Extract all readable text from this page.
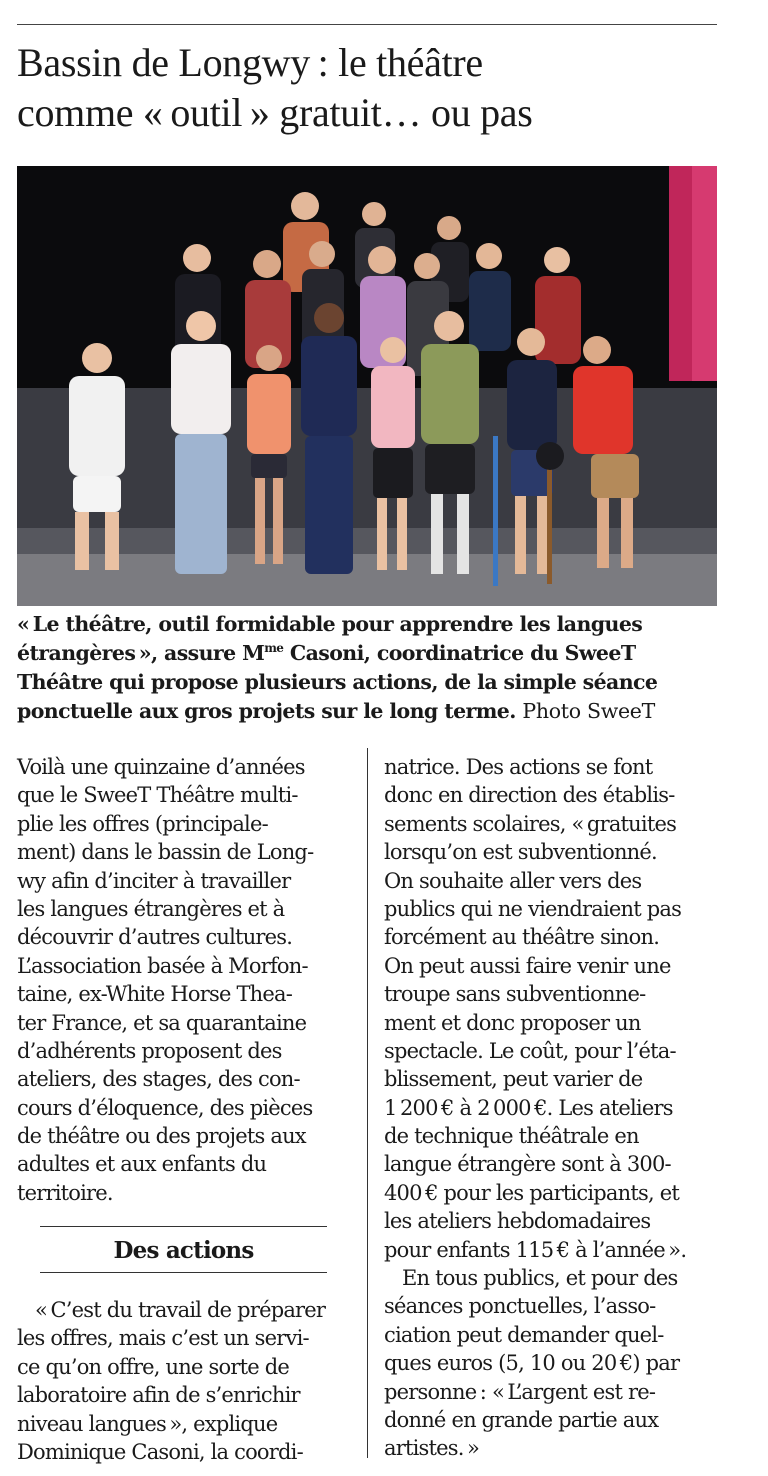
Bassin de Longwy : le théâtre
comme « outil » gratuit… ou pas

« Le théâtre, outil formidable pour apprendre les langues
étrangères », assure $M^{me}$ Casoni, coordinatrice du SweeT
Théâtre qui propose plusieurs actions, de la simple séance
ponctuelle aux gros projets sur le long terme. Photo SweeT

Voilà une quinzaine d’années
que le SweeT Théâtre multi-
plie les offres (principale-
ment) dans le bassin de Long-
wy afin d’inciter à travailler
les langues étrangères et à
découvrir d’autres cultures.
L’association basée à Morfon-
taine, ex-White Horse Thea-
ter France, et sa quarantaine
d’adhérents proposent des
ateliers, des stages, des con-
cours d’éloquence, des pièces
de théâtre ou des projets aux
adultes et aux enfants du
territoire.
Des actions
« C’est du travail de préparer
les offres, mais c’est un servi-
ce qu’on offre, une sorte de
laboratoire afin de s’enrichir
niveau langues », explique
Dominique Casoni, la coordi-
natrice. Des actions se font
donc en direction des établis-
sements scolaires, « gratuites
lorsqu’on est subventionné.
On souhaite aller vers des
publics qui ne viendraient pas
forcément au théâtre sinon.
On peut aussi faire venir une
troupe sans subventionne-
ment et donc proposer un
spectacle. Le coût, pour l’éta-
blissement, peut varier de
1 200 € à 2 000 €. Les ateliers
de technique théâtrale en
langue étrangère sont à 300-
400 € pour les participants, et
les ateliers hebdomadaires
pour enfants 115 € à l’année ».
En tous publics, et pour des
séances ponctuelles, l’asso-
ciation peut demander quel-
ques euros (5, 10 ou 20 €) par
personne : « L’argent est re-
donné en grande partie aux
artistes. »
